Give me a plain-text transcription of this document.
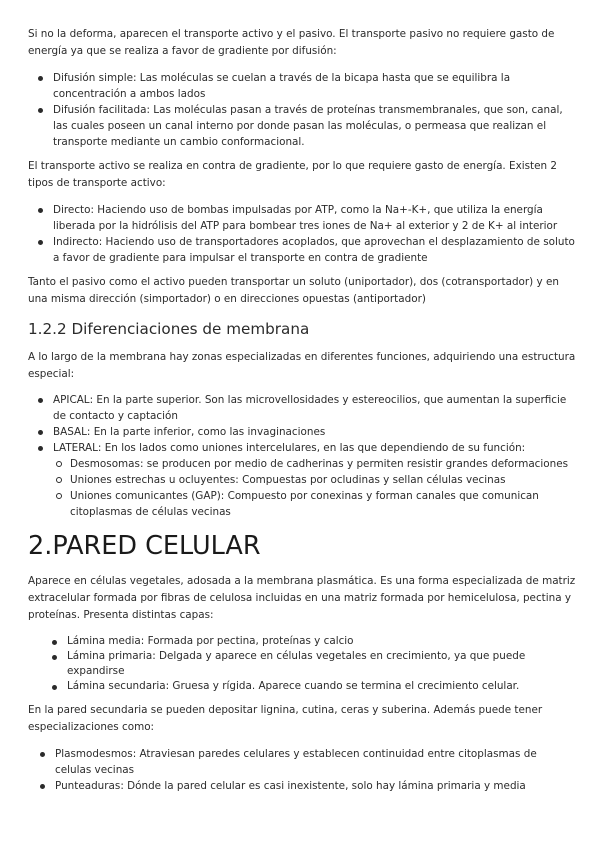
Si no la deforma, aparecen el transporte activo y el pasivo. El transporte pasivo no requiere gasto de energía ya que se realiza a favor de gradiente por difusión:

Difusión simple: Las moléculas se cuelan a través de la bicapa hasta que se equilibra la concentración a ambos lados
Difusión facilitada: Las moléculas pasan a través de proteínas transmembranales, que son, canal, las cuales poseen un canal interno por donde pasan las moléculas, o permeasa que realizan el transporte mediante un cambio conformacional.

El transporte activo se realiza en contra de gradiente, por lo que requiere gasto de energía. Existen 2 tipos de transporte activo:

Directo: Haciendo uso de bombas impulsadas por ATP, como la Na+-K+, que utiliza la energía liberada por la hidrólisis del ATP para bombear tres iones de Na+ al exterior y 2 de K+ al interior
Indirecto: Haciendo uso de transportadores acoplados, que aprovechan el desplazamiento de soluto a favor de gradiente para impulsar el transporte en contra de gradiente

Tanto el pasivo como el activo pueden transportar un soluto (uniportador), dos (cotransportador) y en una misma dirección (simportador) o en direcciones opuestas (antiportador)

1.2.2 Diferenciaciones de membrana

A lo largo de la membrana hay zonas especializadas en diferentes funciones, adquiriendo una estructura especial:

APICAL: En la parte superior. Son las microvellosidades y estereocilios, que aumentan la superficie de contacto y captación
BASAL: En la parte inferior, como las invaginaciones
LATERAL: En los lados como uniones intercelulares, en las que dependiendo de su función:
Desmosomas: se producen por medio de cadherinas y permiten resistir grandes deformaciones
Uniones estrechas u ocluyentes: Compuestas por ocludinas y sellan células vecinas
Uniones comunicantes (GAP): Compuesto por conexinas y forman canales que comunican citoplasmas de células vecinas
2.PARED CELULAR

Aparece en células vegetales, adosada a la membrana plasmática. Es una forma especializada de matriz extracelular formada por fibras de celulosa incluidas en una matriz formada por hemicelulosa, pectina y proteínas. Presenta distintas capas:

Lámina media: Formada por pectina, proteínas y calcio
Lámina primaria: Delgada y aparece en células vegetales en crecimiento, ya que puede expandirse
Lámina secundaria: Gruesa y rígida. Aparece cuando se termina el crecimiento celular.

En la pared secundaria se pueden depositar lignina, cutina, ceras y suberina. Además puede tener especializaciones como:

Plasmodesmos: Atraviesan paredes celulares y establecen continuidad entre citoplasmas de celulas vecinas
Punteaduras: Dónde la pared celular es casi inexistente, solo hay lámina primaria y media
